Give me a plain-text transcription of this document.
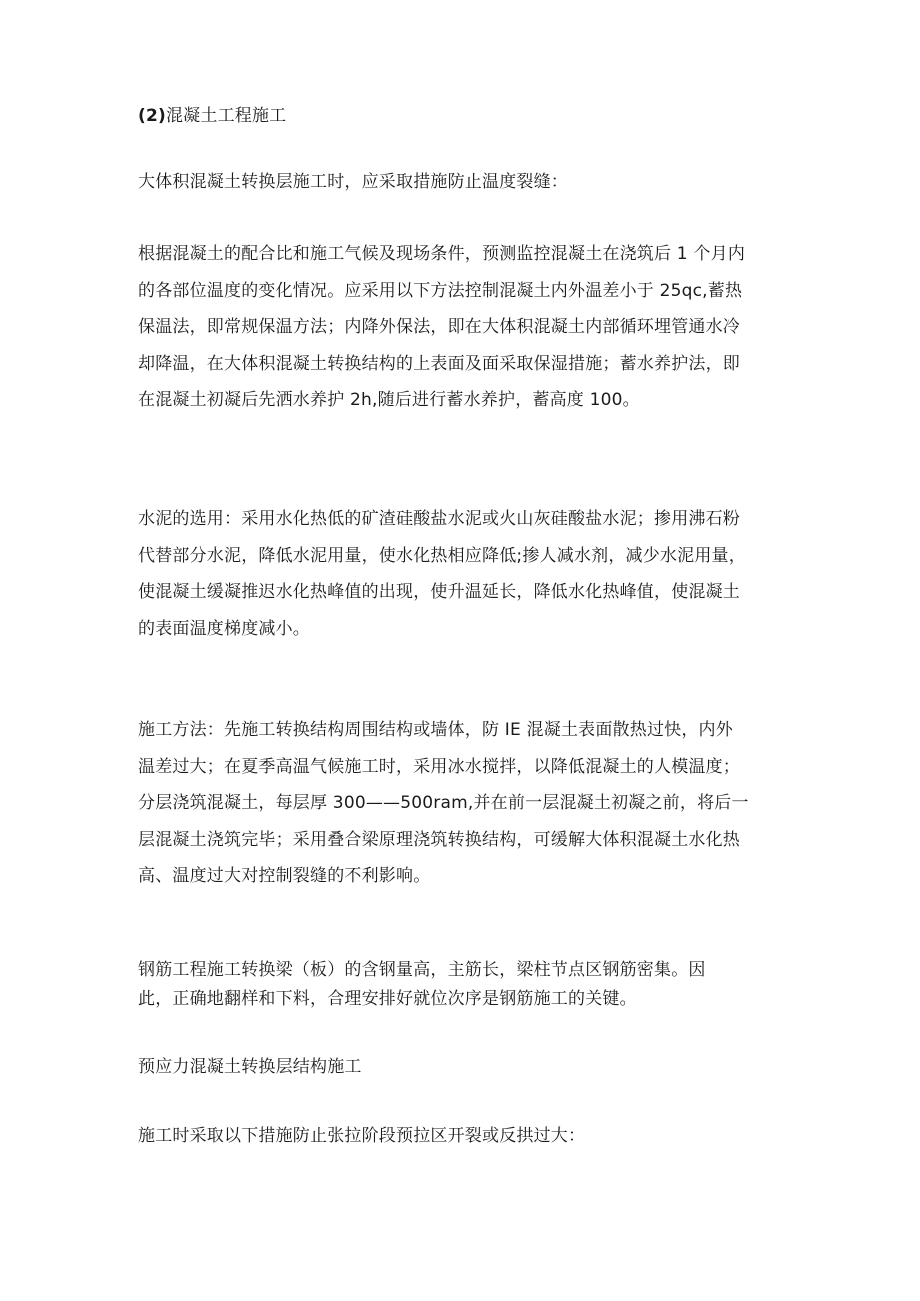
(2)混凝土工程施工

大体积混凝土转换层施工时，应采取措施防止温度裂缝：

根据混凝土的配合比和施工气候及现场条件，预测监控混凝土在浇筑后 1 个月内
的各部位温度的变化情况。应采用以下方法控制混凝土内外温差小于 25qc,蓄热
保温法，即常规保温方法；内降外保法，即在大体积混凝土内部循环埋管通水冷
却降温，在大体积混凝土转换结构的上表面及面采取保湿措施；蓄水养护法，即
在混凝土初凝后先洒水养护 2h,随后进行蓄水养护，蓄高度 100。

水泥的选用：采用水化热低的矿渣硅酸盐水泥或火山灰硅酸盐水泥；掺用沸石粉
代替部分水泥，降低水泥用量，使水化热相应降低;掺人减水剂，减少水泥用量，
使混凝土缓凝推迟水化热峰值的出现，使升温延长，降低水化热峰值，使混凝土
的表面温度梯度减小。

施工方法：先施工转换结构周围结构或墙体，防 IE 混凝土表面散热过快，内外
温差过大；在夏季高温气候施工时，采用冰水搅拌，以降低混凝土的人模温度；
分层浇筑混凝土，每层厚 300——500ram,并在前一层混凝土初凝之前，将后一
层混凝土浇筑完毕；采用叠合梁原理浇筑转换结构，可缓解大体积混凝土水化热
高、温度过大对控制裂缝的不利影响。

钢筋工程施工转换梁（板）的含钢量高，主筋长，梁柱节点区钢筋密集。因
此，正确地翻样和下料，合理安排好就位次序是钢筋施工的关键。

预应力混凝土转换层结构施工

施工时采取以下措施防止张拉阶段预拉区开裂或反拱过大：
